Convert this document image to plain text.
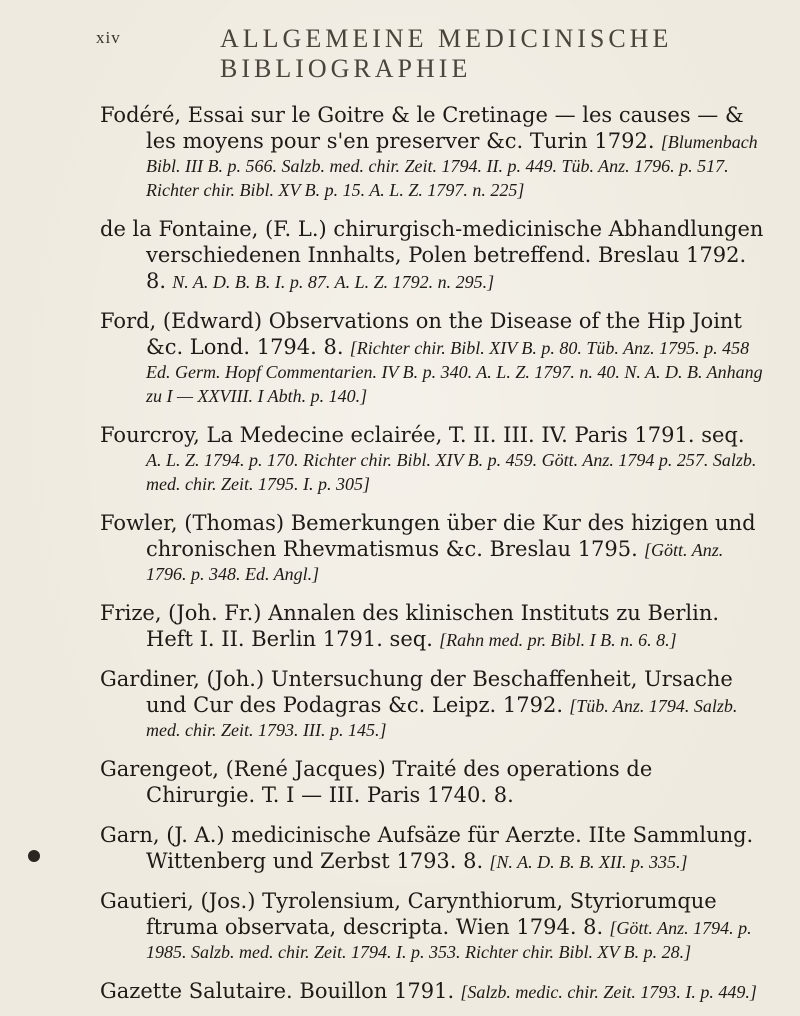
xiv	ALLGEMEINE MEDICINISCHE BIBLIOGRAPHIE

Fodéré, Essai sur le Goitre & le Cretinage — les causes — & les moyens pour s'en preserver &c. Turin 1792. [Blumenbach Bibl. III B. p. 566. Salzb. med. chir. Zeit. 1794. II. p. 449. Tüb. Anz. 1796. p. 517. Richter chir. Bibl. XV B. p. 15. A. L. Z. 1797. n. 225]

de la Fontaine, (F. L.) chirurgisch-medicinische Abhandlungen verschiedenen Innhalts, Polen betreffend. Breslau 1792. 8. N. A. D. B. B. I. p. 87. A. L. Z. 1792. n. 295.]

Ford, (Edward) Observations on the Disease of the Hip Joint &c. Lond. 1794. 8. [Richter chir. Bibl. XIV B. p. 80. Tüb. Anz. 1795. p. 458 Ed. Germ. Hopf Commentarien. IV B. p. 340. A. L. Z. 1797. n. 40. N. A. D. B. Anhang zu I — XXVIII. I Abth. p. 140.]

Fourcroy, La Medecine eclairée, T. II. III. IV. Paris 1791. seq. A. L. Z. 1794. p. 170. Richter chir. Bibl. XIV B. p. 459. Gött. Anz. 1794 p. 257. Salzb. med. chir. Zeit. 1795. I. p. 305]

Fowler, (Thomas) Bemerkungen über die Kur des hizigen und chronischen Rhevmatismus &c. Breslau 1795. [Gött. Anz. 1796. p. 348. Ed. Angl.]

Frize, (Joh. Fr.) Annalen des klinischen Instituts zu Berlin. Heft I. II. Berlin 1791. seq. [Rahn med. pr. Bibl. I B. n. 6. 8.]

Gardiner, (Joh.) Untersuchung der Beschaffenheit, Ursache und Cur des Podagras &c. Leipz. 1792. [Tüb. Anz. 1794. Salzb. med. chir. Zeit. 1793. III. p. 145.]

Garengeot, (René Jacques) Traité des operations de Chirurgie. T. I — III. Paris 1740. 8.

Garn, (J. A.) medicinische Aufsäze für Aerzte. IIte Sammlung. Wittenberg und Zerbst 1793. 8. [N. A. D. B. B. XII. p. 335.]

Gautieri, (Jos.) Tyrolensium, Carynthiorum, Styriorumque ftruma observata, descripta. Wien 1794. 8. [Gött. Anz. 1794. p. 1985. Salzb. med. chir. Zeit. 1794. I. p. 353. Richter chir. Bibl. XV B. p. 28.]

Gazette Salutaire. Bouillon 1791. [Salzb. medic. chir. Zeit. 1793. I. p. 449.]
